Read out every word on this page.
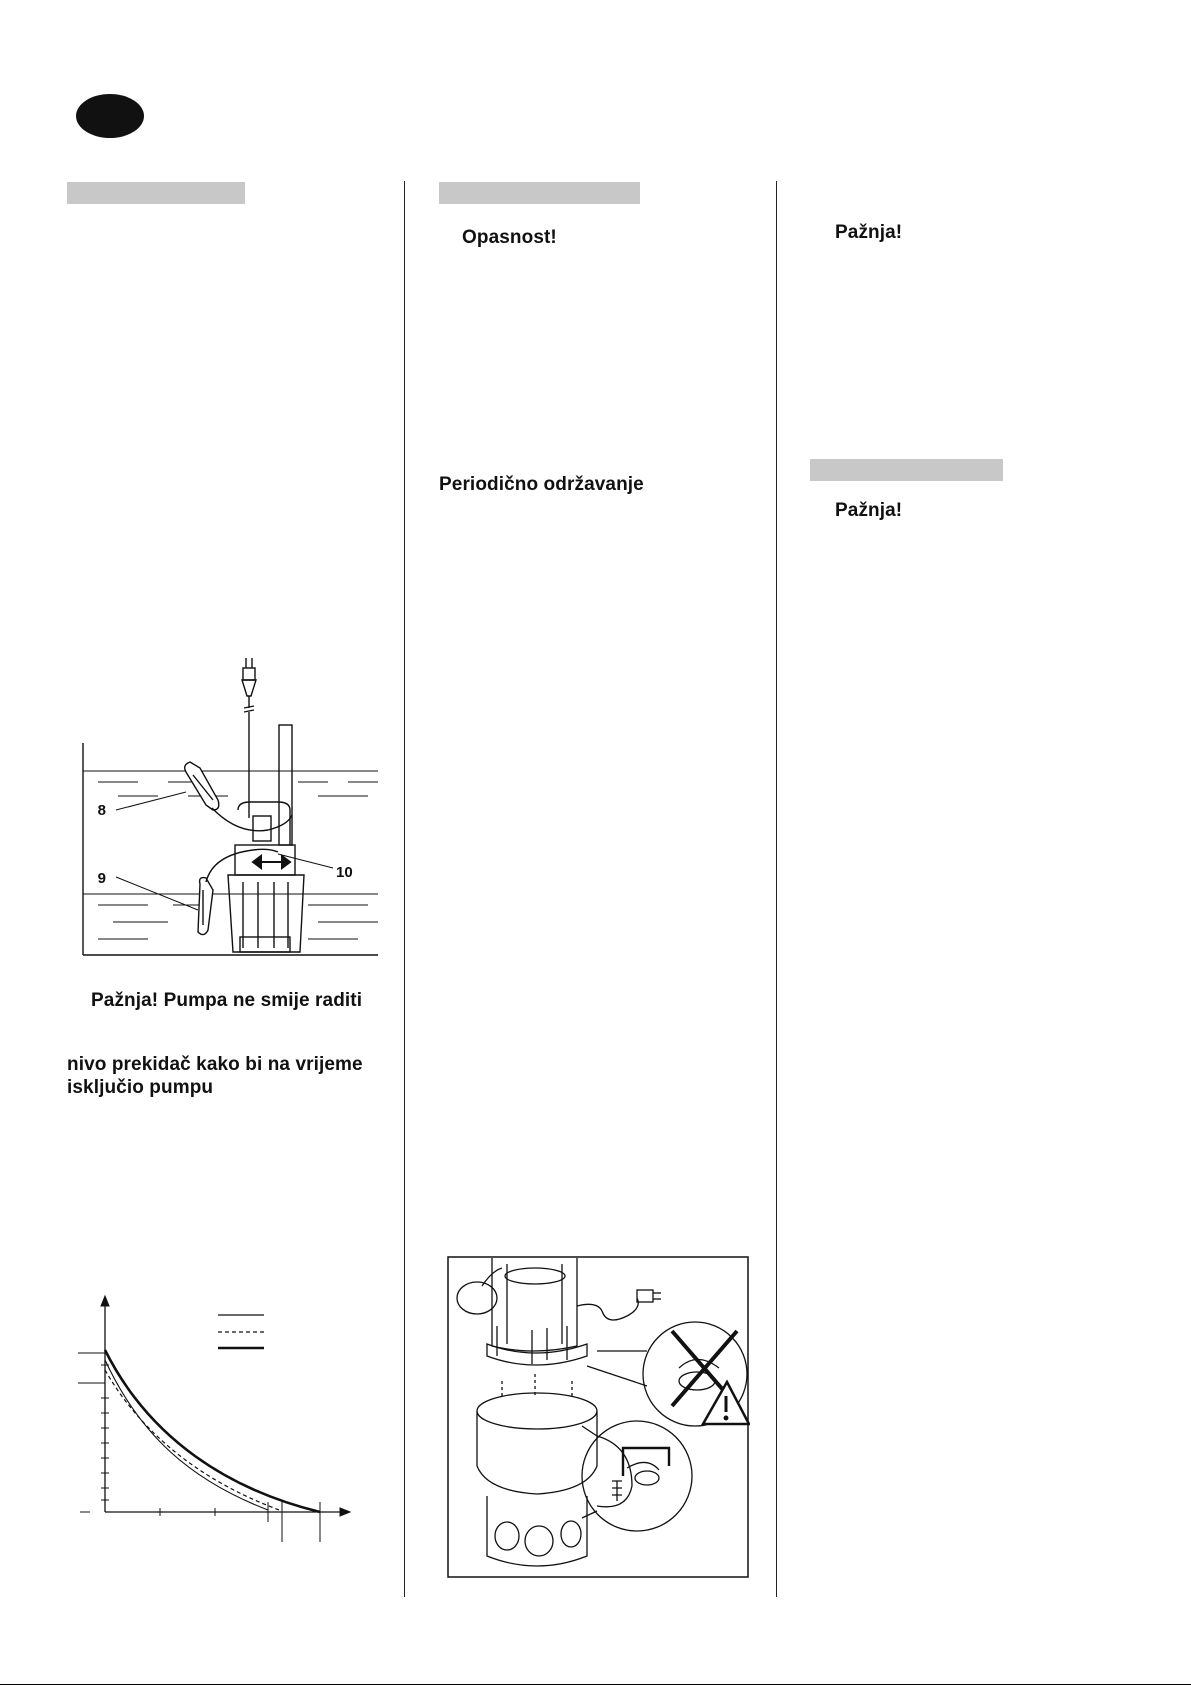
8
9	10
Pažnja! Pumpa ne smije raditi
nivo prekidač kako bi na vrijeme
isključio pumpu
Opasnost!
Periodično održavanje
Pažnja!
Pažnja!
